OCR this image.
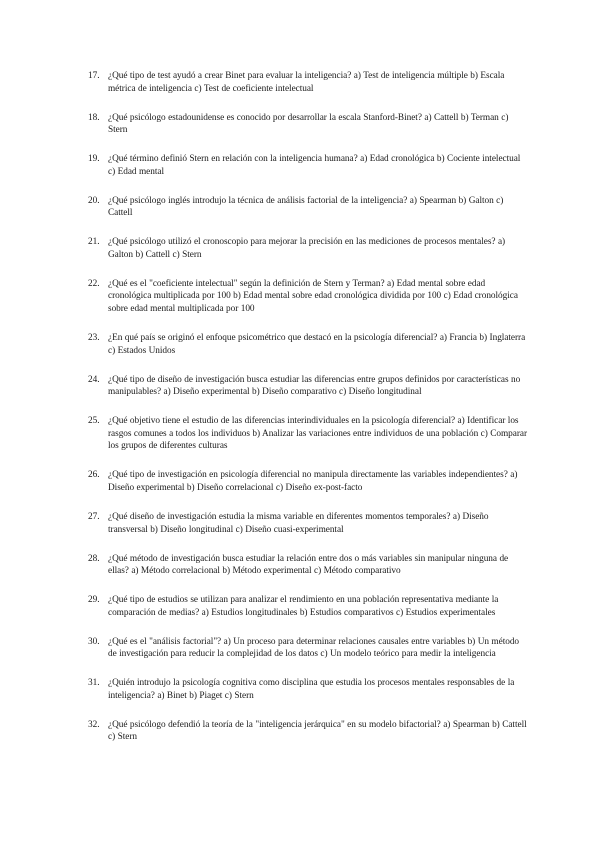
17. ¿Qué tipo de test ayudó a crear Binet para evaluar la inteligencia? a) Test de inteligencia múltiple b) Escala métrica de inteligencia c) Test de coeficiente intelectual
18. ¿Qué psicólogo estadounidense es conocido por desarrollar la escala Stanford-Binet? a) Cattell b) Terman c) Stern
19. ¿Qué término definió Stern en relación con la inteligencia humana? a) Edad cronológica b) Cociente intelectual c) Edad mental
20. ¿Qué psicólogo inglés introdujo la técnica de análisis factorial de la inteligencia? a) Spearman b) Galton c) Cattell
21. ¿Qué psicólogo utilizó el cronoscopio para mejorar la precisión en las mediciones de procesos mentales? a) Galton b) Cattell c) Stern
22. ¿Qué es el "coeficiente intelectual" según la definición de Stern y Terman? a) Edad mental sobre edad cronológica multiplicada por 100 b) Edad mental sobre edad cronológica dividida por 100 c) Edad cronológica sobre edad mental multiplicada por 100
23. ¿En qué país se originó el enfoque psicométrico que destacó en la psicología diferencial? a) Francia b) Inglaterra c) Estados Unidos
24. ¿Qué tipo de diseño de investigación busca estudiar las diferencias entre grupos definidos por características no manipulables? a) Diseño experimental b) Diseño comparativo c) Diseño longitudinal
25. ¿Qué objetivo tiene el estudio de las diferencias interindividuales en la psicología diferencial? a) Identificar los rasgos comunes a todos los individuos b) Analizar las variaciones entre individuos de una población c) Comparar los grupos de diferentes culturas
26. ¿Qué tipo de investigación en psicología diferencial no manipula directamente las variables independientes? a) Diseño experimental b) Diseño correlacional c) Diseño ex-post-facto
27. ¿Qué diseño de investigación estudia la misma variable en diferentes momentos temporales? a) Diseño transversal b) Diseño longitudinal c) Diseño cuasi-experimental
28. ¿Qué método de investigación busca estudiar la relación entre dos o más variables sin manipular ninguna de ellas? a) Método correlacional b) Método experimental c) Método comparativo
29. ¿Qué tipo de estudios se utilizan para analizar el rendimiento en una población representativa mediante la comparación de medias? a) Estudios longitudinales b) Estudios comparativos c) Estudios experimentales
30. ¿Qué es el "análisis factorial"? a) Un proceso para determinar relaciones causales entre variables b) Un método de investigación para reducir la complejidad de los datos c) Un modelo teórico para medir la inteligencia
31. ¿Quién introdujo la psicología cognitiva como disciplina que estudia los procesos mentales responsables de la inteligencia? a) Binet b) Piaget c) Stern
32. ¿Qué psicólogo defendió la teoría de la "inteligencia jerárquica" en su modelo bifactorial? a) Spearman b) Cattell c) Stern
